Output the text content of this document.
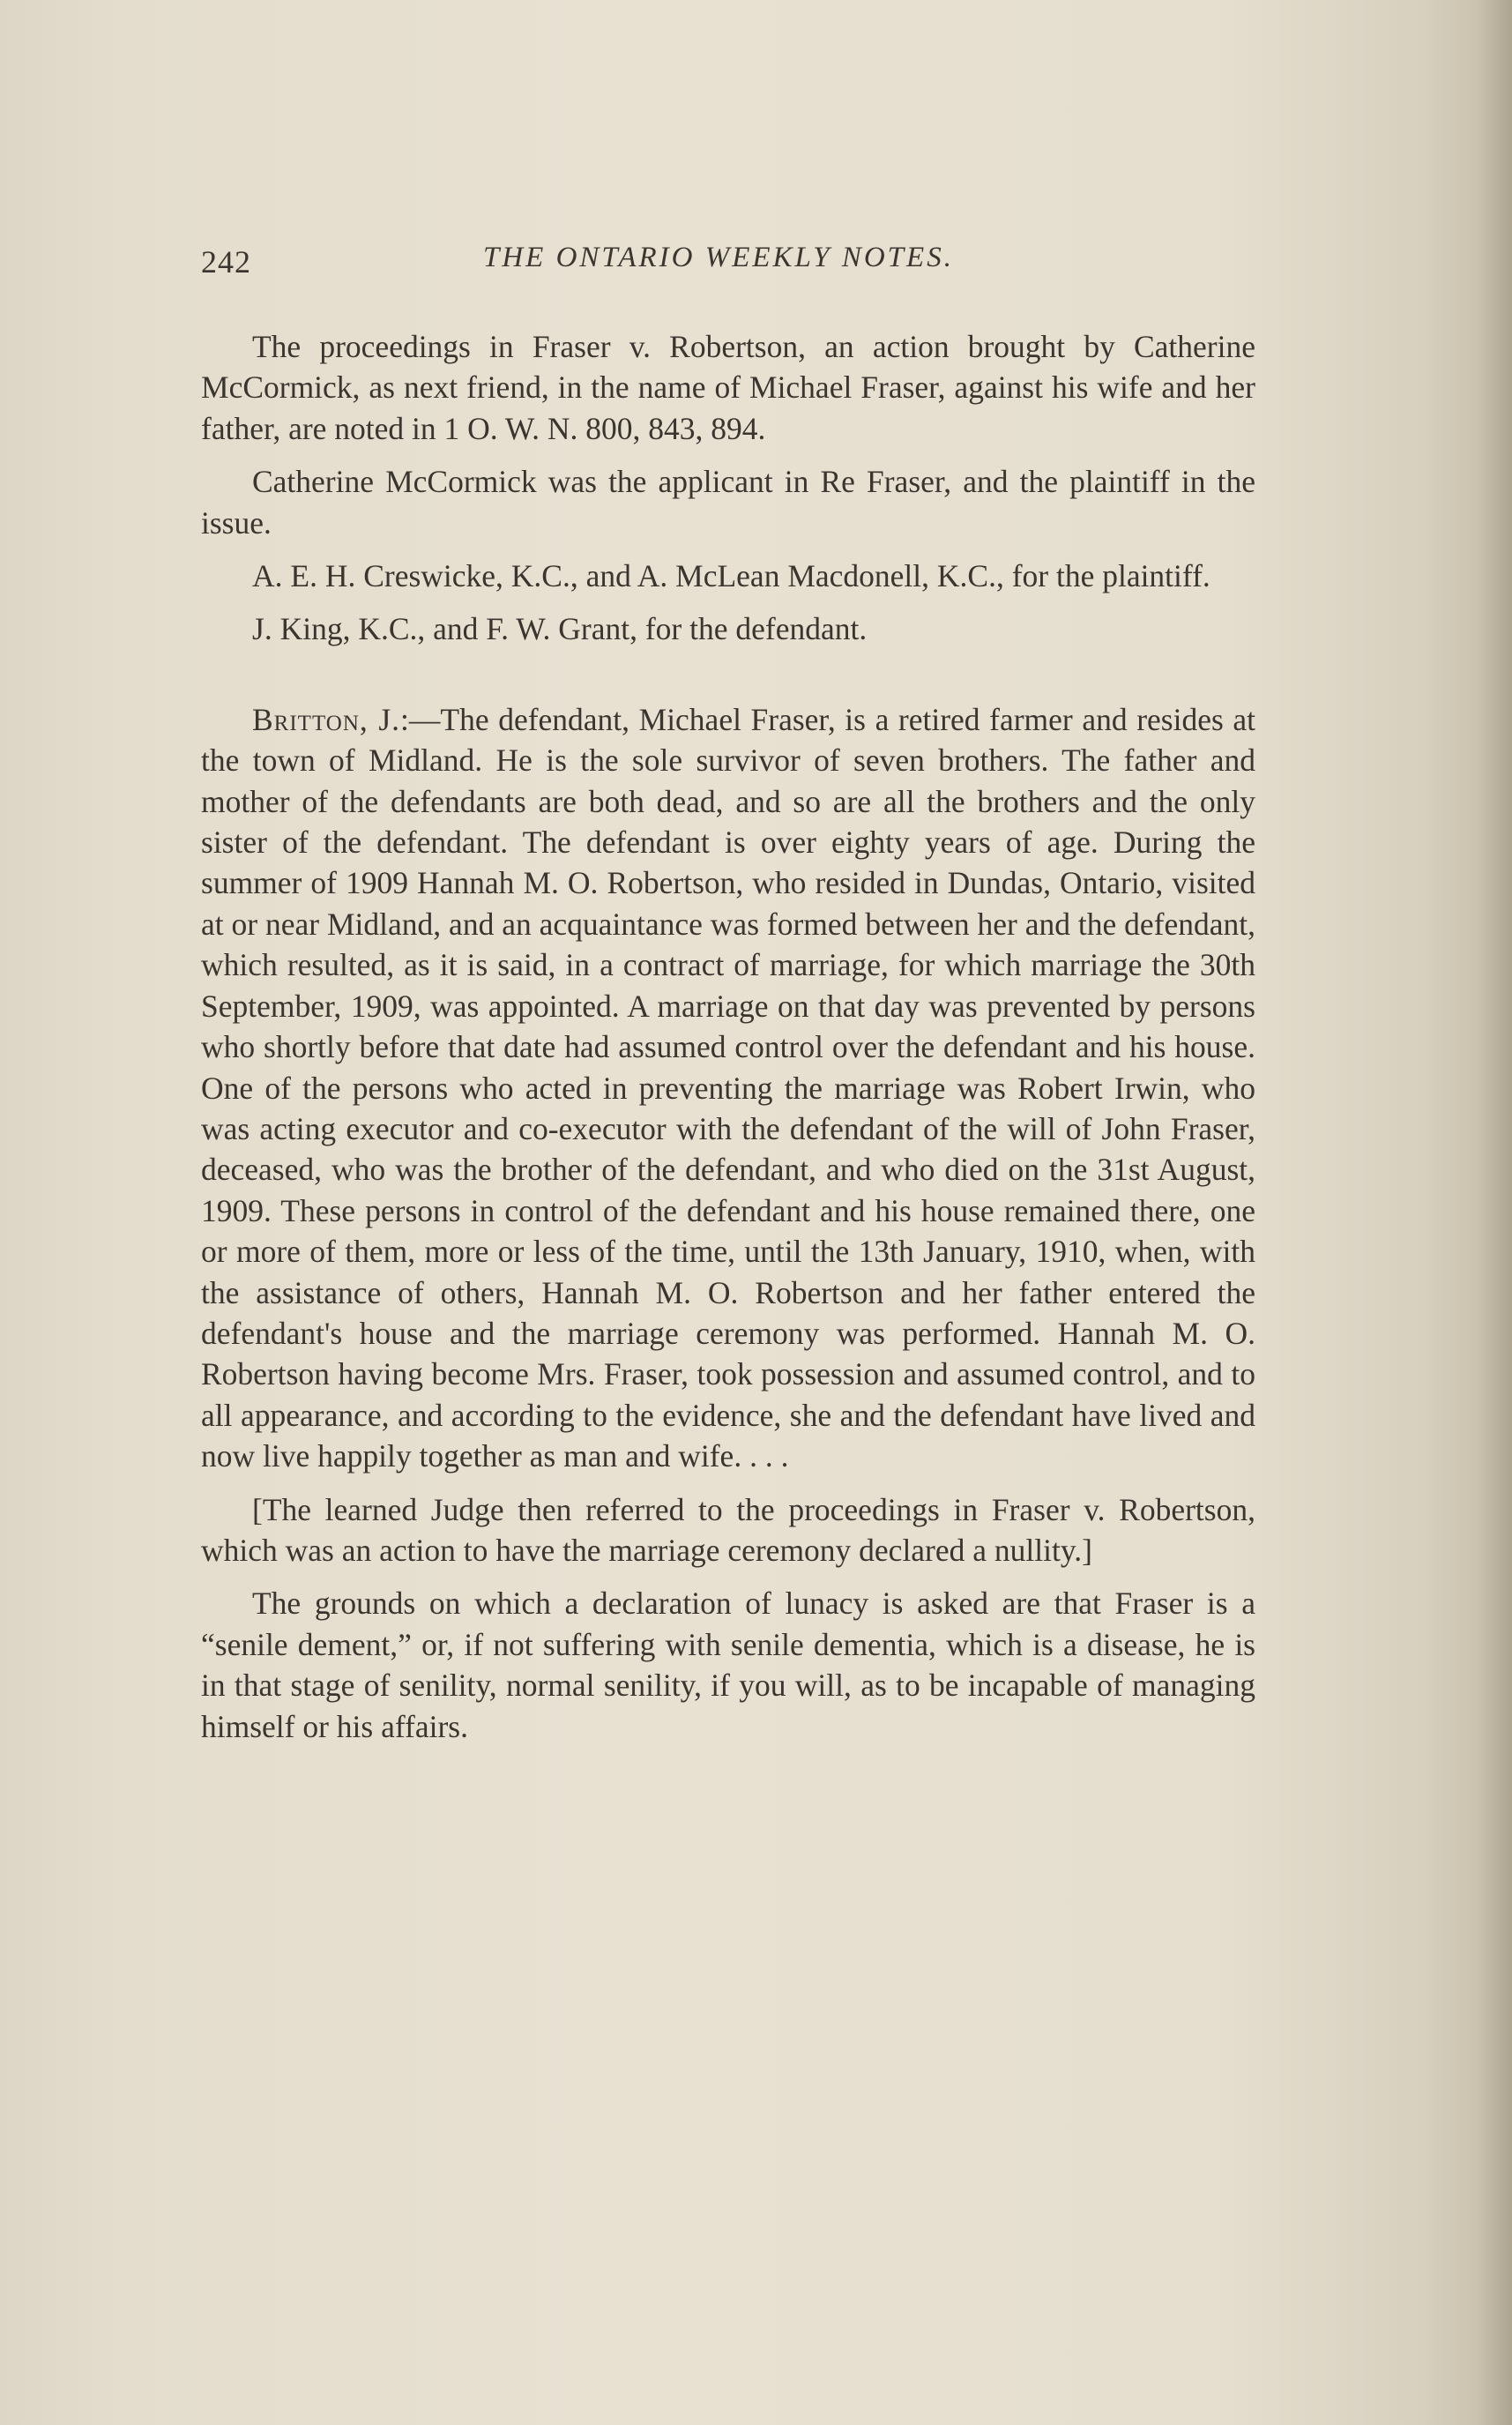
242	THE ONTARIO WEEKLY NOTES.

The proceedings in Fraser v. Robertson, an action brought by Catherine McCormick, as next friend, in the name of Michael Fraser, against his wife and her father, are noted in 1 O. W. N. 800, 843, 894.

Catherine McCormick was the applicant in Re Fraser, and the plaintiff in the issue.

A. E. H. Creswicke, K.C., and A. McLean Macdonell, K.C., for the plaintiff.

J. King, K.C., and F. W. Grant, for the defendant.

Britton, J.:—The defendant, Michael Fraser, is a retired farmer and resides at the town of Midland. He is the sole survivor of seven brothers. The father and mother of the defendants are both dead, and so are all the brothers and the only sister of the defendant. The defendant is over eighty years of age. During the summer of 1909 Hannah M. O. Robertson, who resided in Dundas, Ontario, visited at or near Midland, and an acquaintance was formed between her and the defendant, which resulted, as it is said, in a contract of marriage, for which marriage the 30th September, 1909, was appointed. A marriage on that day was prevented by persons who shortly before that date had assumed control over the defendant and his house. One of the persons who acted in preventing the marriage was Robert Irwin, who was acting executor and co-executor with the defendant of the will of John Fraser, deceased, who was the brother of the defendant, and who died on the 31st August, 1909. These persons in control of the defendant and his house remained there, one or more of them, more or less of the time, until the 13th January, 1910, when, with the assistance of others, Hannah M. O. Robertson and her father entered the defendant's house and the marriage ceremony was performed. Hannah M. O. Robertson having become Mrs. Fraser, took possession and assumed control, and to all appearance, and according to the evidence, she and the defendant have lived and now live happily together as man and wife. . . .

[The learned Judge then referred to the proceedings in Fraser v. Robertson, which was an action to have the marriage ceremony declared a nullity.]

The grounds on which a declaration of lunacy is asked are that Fraser is a “senile dement,” or, if not suffering with senile dementia, which is a disease, he is in that stage of senility, normal senility, if you will, as to be incapable of managing himself or his affairs.
